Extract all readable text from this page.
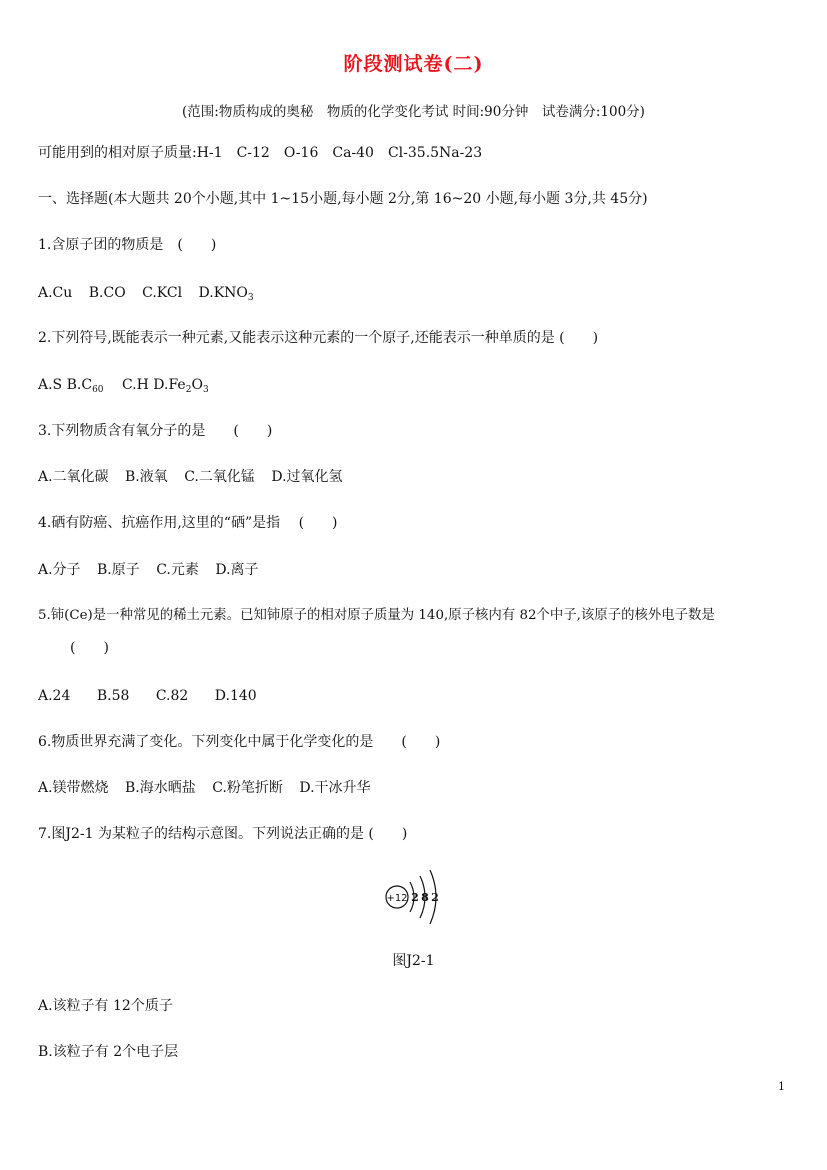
阶段测试卷(二)
(范围:物质构成的奥秘　物质的化学变化考试 时间:90分钟　试卷满分:100分)
可能用到的相对原子质量:H-1　C-12　O-16　Ca-40　Cl-35.5Na-23
一、选择题(本大题共 20个小题,其中 1~15小题,每小题 2分,第 16~20 小题,每小题 3分,共 45分)
1.含原子团的物质是　(　　)
A.Cu B.CO C.KCl $D.KNO_3$
2.下列符号,既能表示一种元素,又能表示这种元素的一个原子,还能表示一种单质的是 (　　)
A.S $B.C_{60}$　 C.H $D.Fe_2O_3$
3.下列物质含有氧分子的是　　(　　)
A.二氧化碳 B.液氧 C.二氧化锰 D.过氧化氢
4.硒有防癌、抗癌作用,这里的“硒”是指　 (　　)
A.分子 B.原子 C.元素 D.离子
5.铈(Ce)是一种常见的稀土元素。已知铈原子的相对原子质量为 140,原子核内有 82个中子,该原子的核外电子数是
(　　)
A.24 B.58 C.82 D.140
6.物质世界充满了变化。下列变化中属于化学变化的是　　(　　)
A.镁带燃烧 B.海水晒盐 C.粉笔折断 D.干冰升华
7.图J2-1 为某粒子的结构示意图。下列说法正确的是 (　　)
+12 2 8 2
图J2-1
A.该粒子有 12个质子
B.该粒子有 2个电子层
1
